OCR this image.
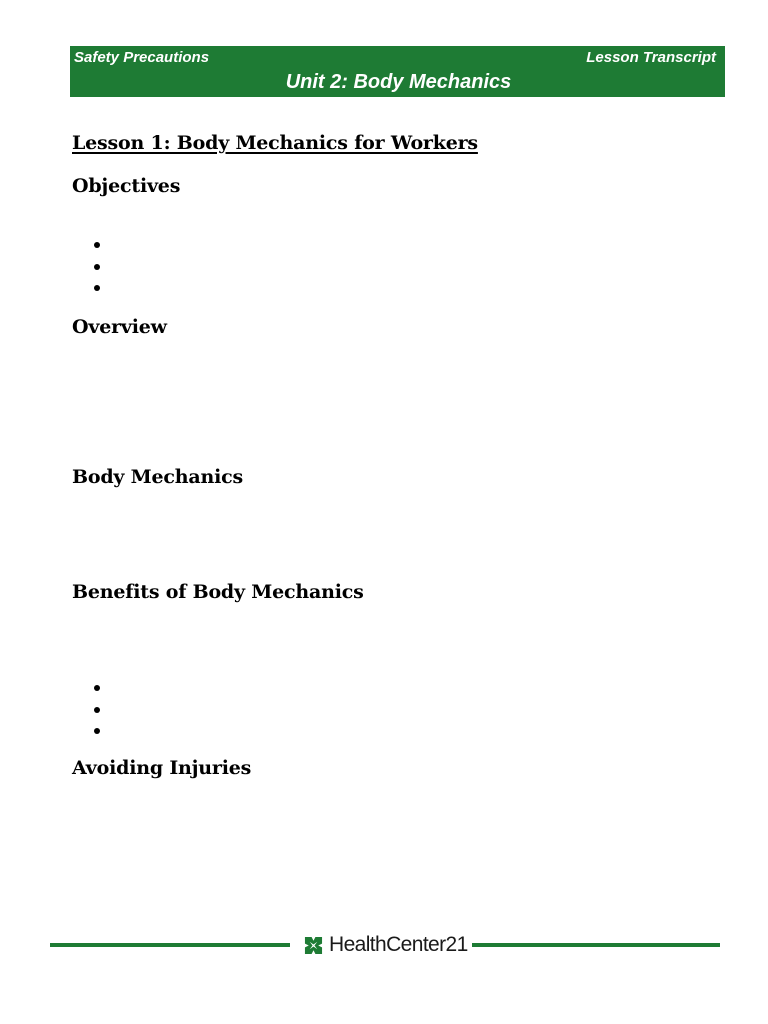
Safety Precautions	Lesson Transcript
Unit 2: Body Mechanics
Lesson 1: Body Mechanics for Workers
Objectives
Overview
Body Mechanics
Benefits of Body Mechanics
Avoiding Injuries
HealthCenter21
